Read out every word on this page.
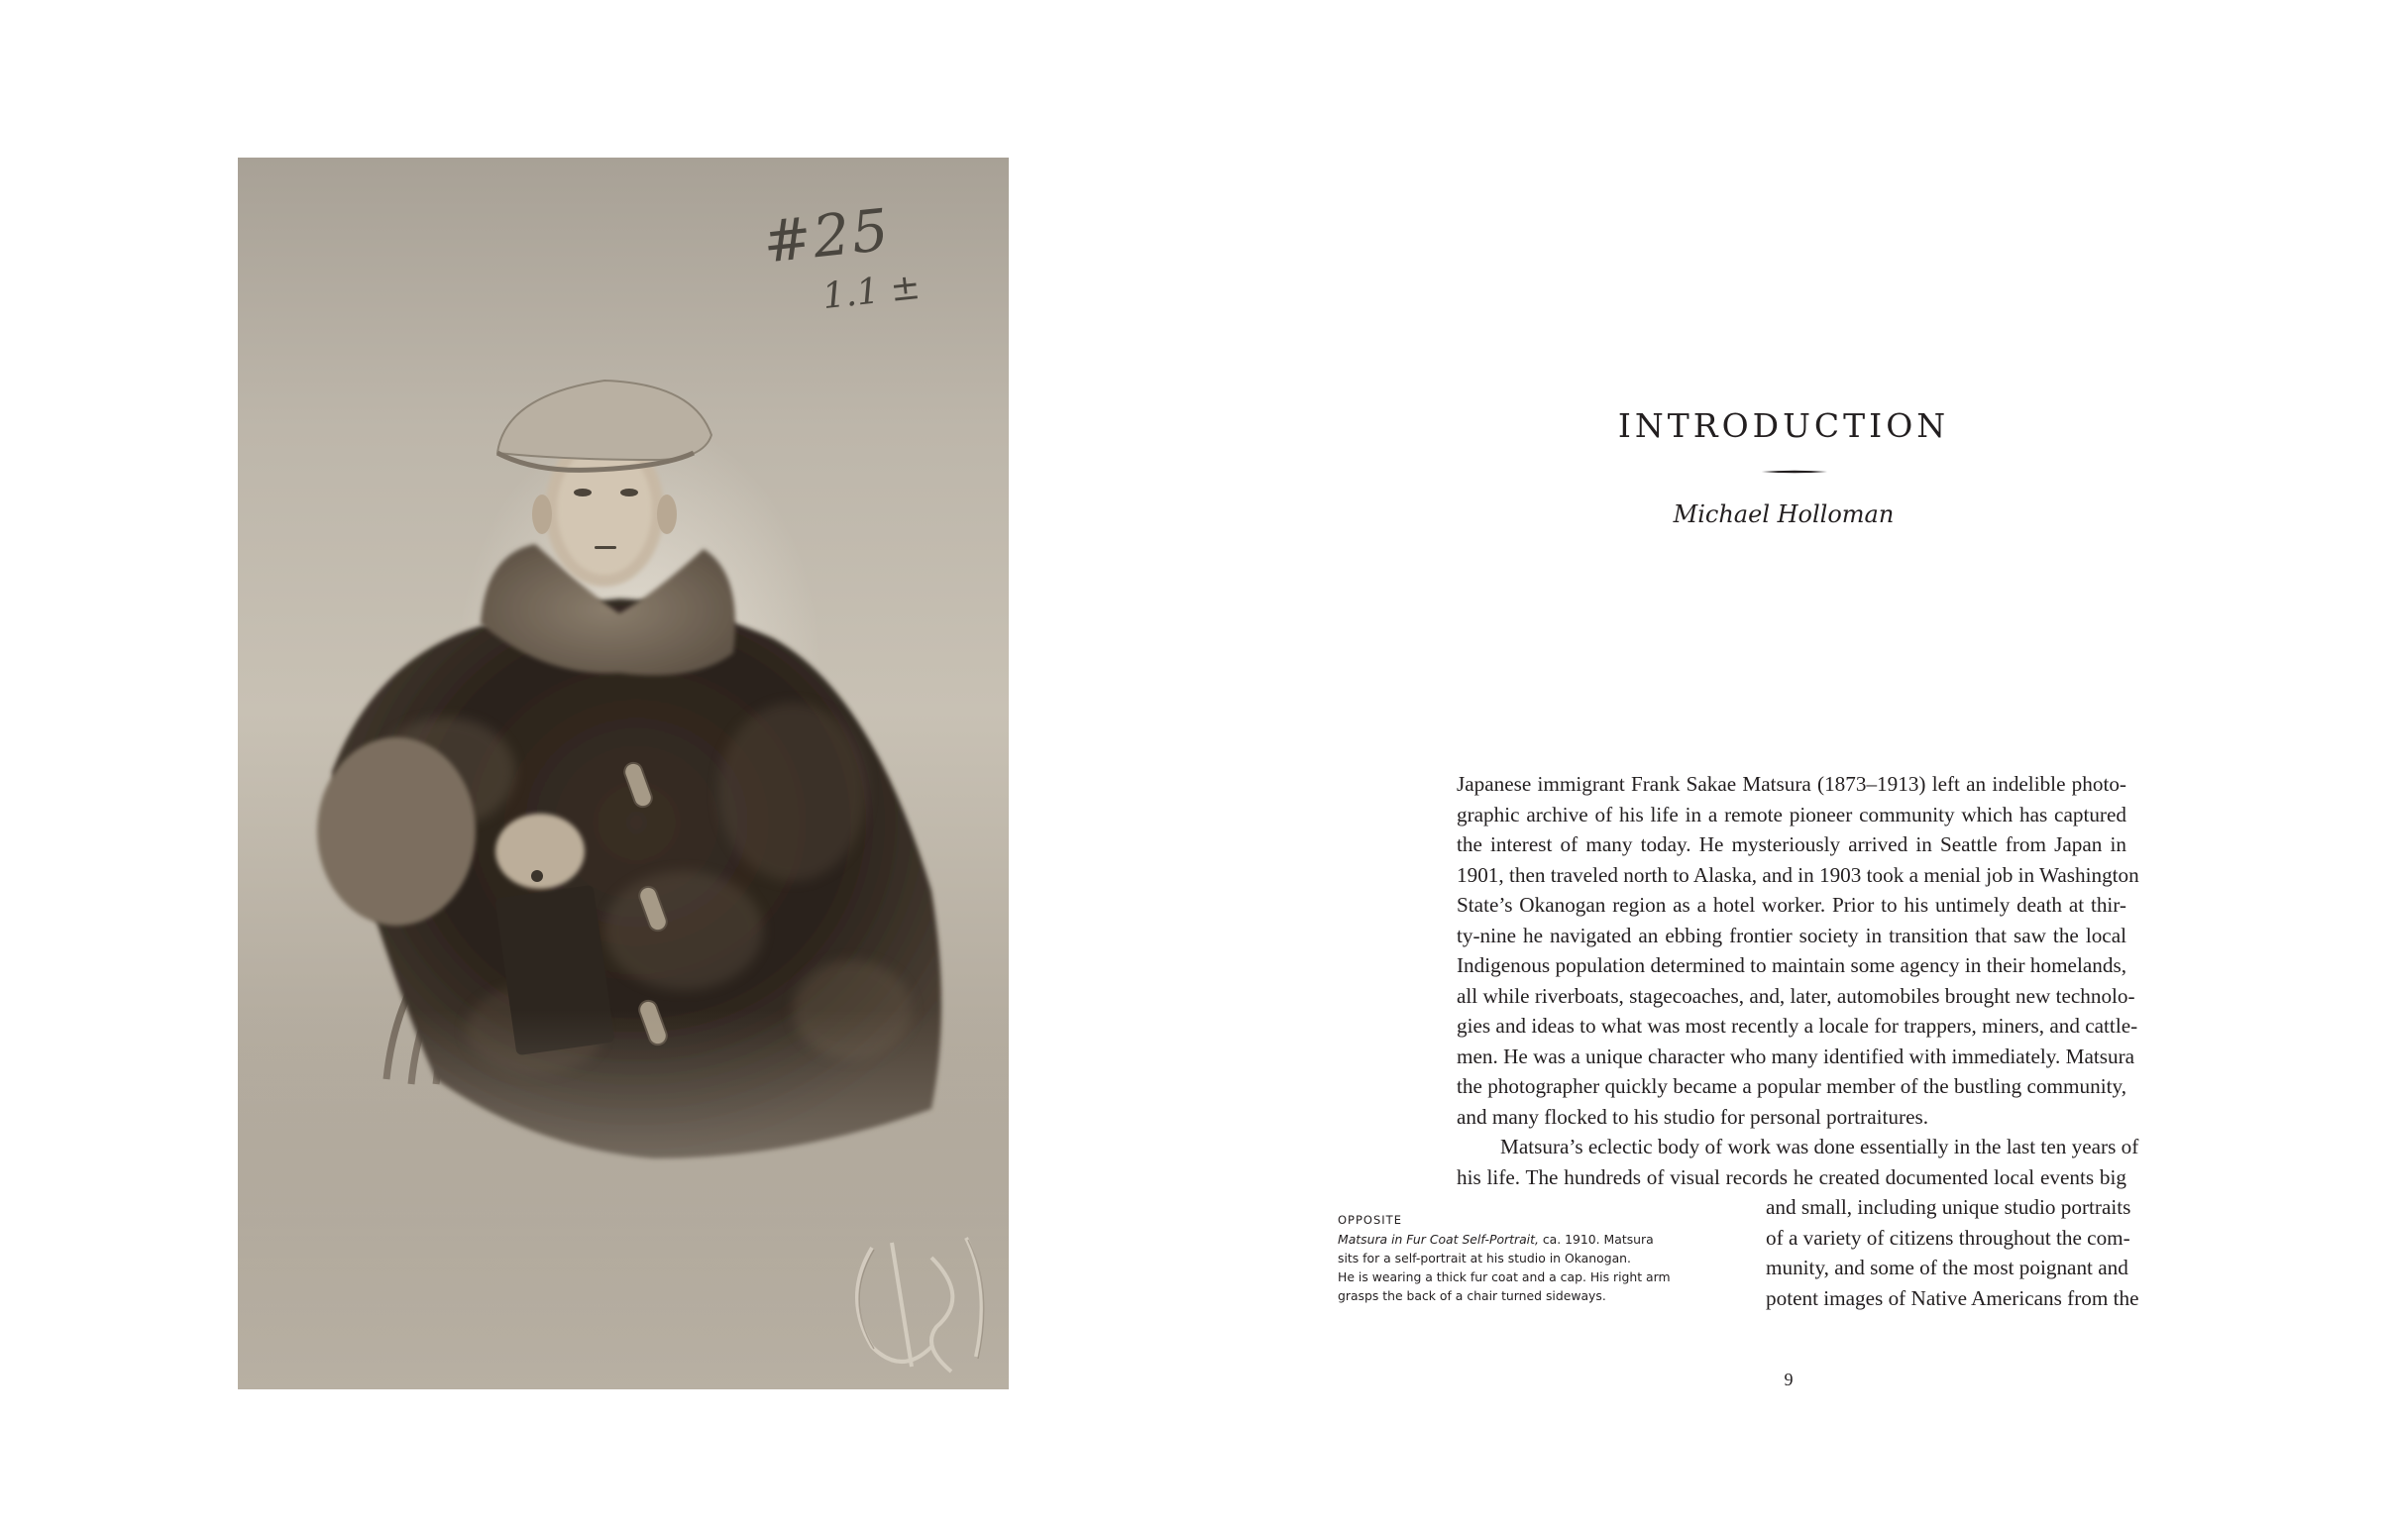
#25
1.1 ±
INTRODUCTION

Michael Holloman

Japanese immigrant Frank Sakae Matsura (1873–1913) left an indelible photo-
graphic archive of his life in a remote pioneer community which has captured
the interest of many today. He mysteriously arrived in Seattle from Japan in
1901, then traveled north to Alaska, and in 1903 took a menial job in Washington
State’s Okanogan region as a hotel worker. Prior to his untimely death at thir-
ty-nine he navigated an ebbing frontier society in transition that saw the local
Indigenous population determined to maintain some agency in their homelands,
all while riverboats, stagecoaches, and, later, automobiles brought new technolo-
gies and ideas to what was most recently a locale for trappers, miners, and cattle-
men. He was a unique character who many identified with immediately. Matsura
the photographer quickly became a popular member of the bustling community,
and many flocked to his studio for personal portraitures.

Matsura’s eclectic body of work was done essentially in the last ten years of
his life. The hundreds of visual records he created documented local events big
and small, including unique studio portraits
of a variety of citizens throughout the com-
munity, and some of the most poignant and
potent images of Native Americans from the

OPPOSITE
Matsura in Fur Coat Self-Portrait, ca. 1910. Matsura
sits for a self-portrait at his studio in Okanogan.
He is wearing a thick fur coat and a cap. His right arm
grasps the back of a chair turned sideways.
9
